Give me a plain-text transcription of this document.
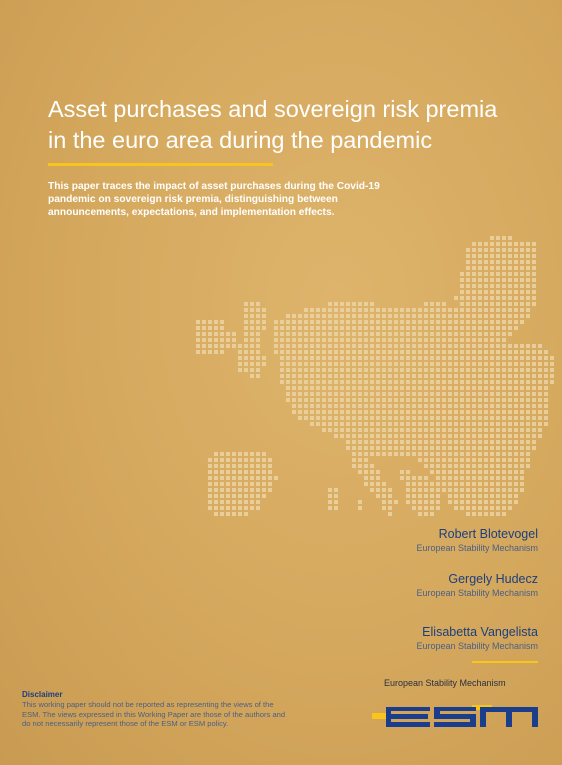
Asset purchases and sovereign risk premia
in the euro area during the pandemic
This paper traces the impact of asset purchases during the Covid-19
pandemic on sovereign risk premia, distinguishing between
announcements, expectations, and implementation effects.
Robert Blotevogel
European Stability Mechanism
Gergely Hudecz
European Stability Mechanism
Elisabetta Vangelista
European Stability Mechanism
Disclaimer
This working paper should not be reported as representing the views of the
ESM. The views expressed in this Working Paper are those of the authors and
do not necessarily represent those of the ESM or ESM policy.
European Stability Mechanism
